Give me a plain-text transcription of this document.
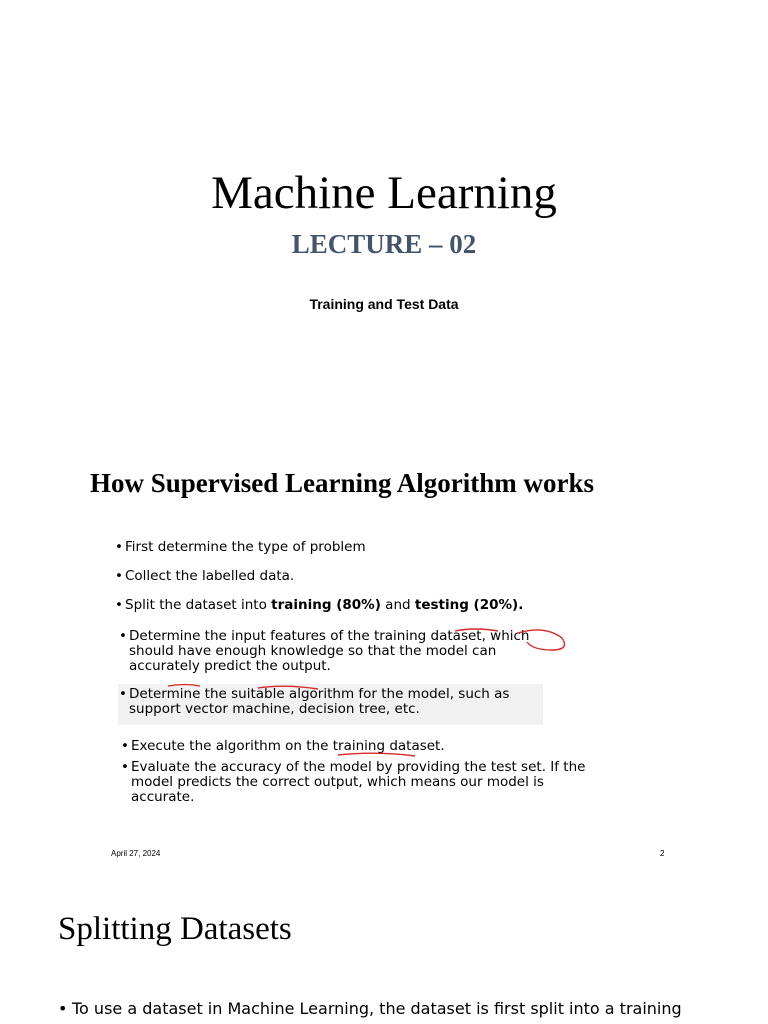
Machine Learning
LECTURE – 02
Training and Test Data
How Supervised Learning Algorithm works
• First determine the type of problem
• Collect the labelled data.
• Split the dataset into training (80%) and testing (20%).
• Determine the input features of the training dataset, which should have enough knowledge so that the model can accurately predict the output.
• Determine the suitable algorithm for the model, such as support vector machine, decision tree, etc.
• Execute the algorithm on the training dataset.
• Evaluate the accuracy of the model by providing the test set. If the model predicts the correct output, which means our model is accurate.
April 27, 2024	2
Splitting Datasets
• To use a dataset in Machine Learning, the dataset is first split into a training
